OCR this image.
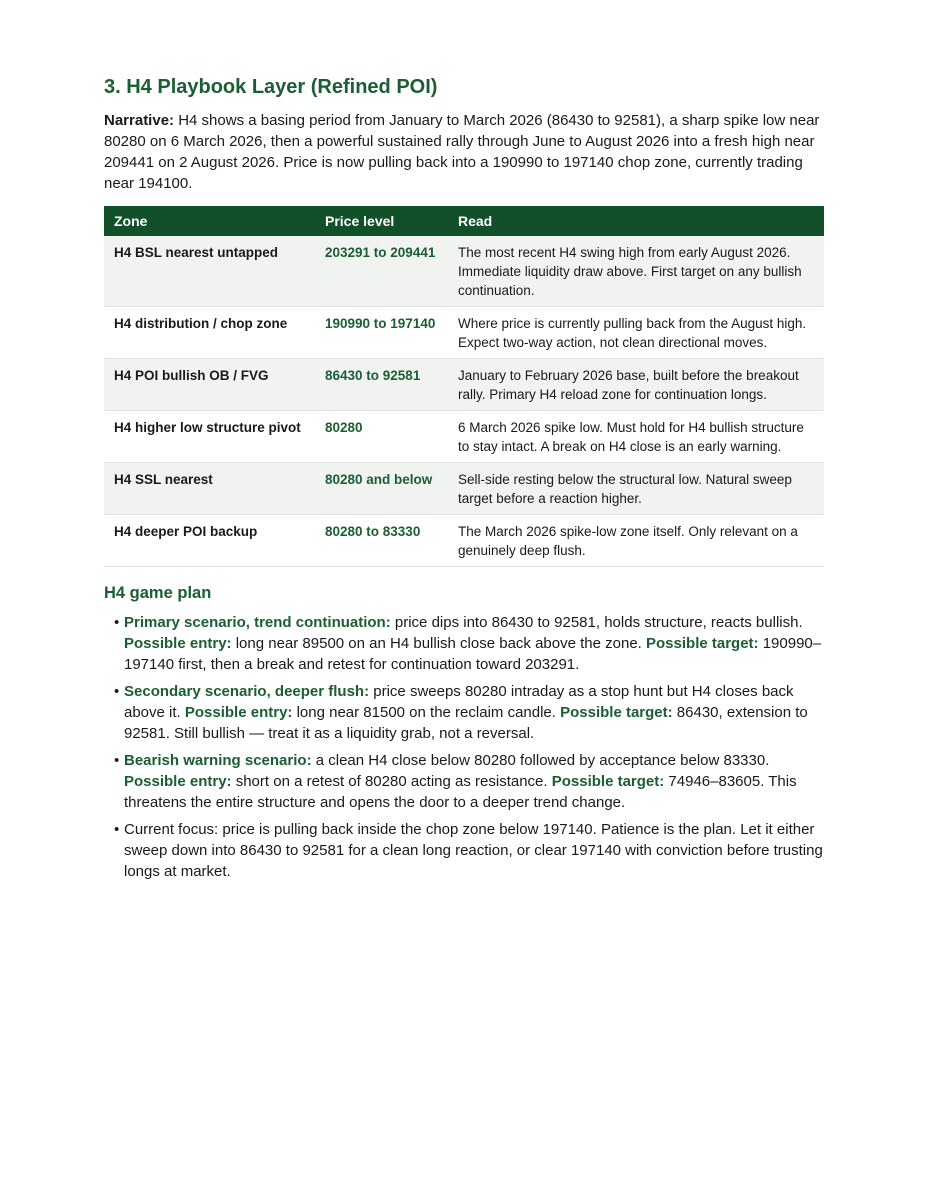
3. H4 Playbook Layer (Refined POI)

Narrative: H4 shows a basing period from January to March 2026 (86430 to 92581), a sharp spike low near 80280 on 6 March 2026, then a powerful sustained rally through June to August 2026 into a fresh high near 209441 on 2 August 2026. Price is now pulling back into a 190990 to 197140 chop zone, currently trading near 194100.

Zone	Price level	Read
H4 BSL nearest untapped	203291 to 209441	The most recent H4 swing high from early August 2026. Immediate liquidity draw above. First target on any bullish continuation.
H4 distribution / chop zone	190990 to 197140	Where price is currently pulling back from the August high. Expect two-way action, not clean directional moves.
H4 POI bullish OB / FVG	86430 to 92581	January to February 2026 base, built before the breakout rally. Primary H4 reload zone for continuation longs.
H4 higher low structure pivot	80280	6 March 2026 spike low. Must hold for H4 bullish structure to stay intact. A break on H4 close is an early warning.
H4 SSL nearest	80280 and below	Sell-side resting below the structural low. Natural sweep target before a reaction higher.
H4 deeper POI backup	80280 to 83330	The March 2026 spike-low zone itself. Only relevant on a genuinely deep flush.
H4 game plan
• Primary scenario, trend continuation: price dips into 86430 to 92581, holds structure, reacts bullish. Possible entry: long near 89500 on an H4 bullish close back above the zone. Possible target: 190990–197140 first, then a break and retest for continuation toward 203291.
• Secondary scenario, deeper flush: price sweeps 80280 intraday as a stop hunt but H4 closes back above it. Possible entry: long near 81500 on the reclaim candle. Possible target: 86430, extension to 92581. Still bullish — treat it as a liquidity grab, not a reversal.
• Bearish warning scenario: a clean H4 close below 80280 followed by acceptance below 83330. Possible entry: short on a retest of 80280 acting as resistance. Possible target: 74946–83605. This threatens the entire structure and opens the door to a deeper trend change.
• Current focus: price is pulling back inside the chop zone below 197140. Patience is the plan. Let it either sweep down into 86430 to 92581 for a clean long reaction, or clear 197140 with conviction before trusting longs at market.
